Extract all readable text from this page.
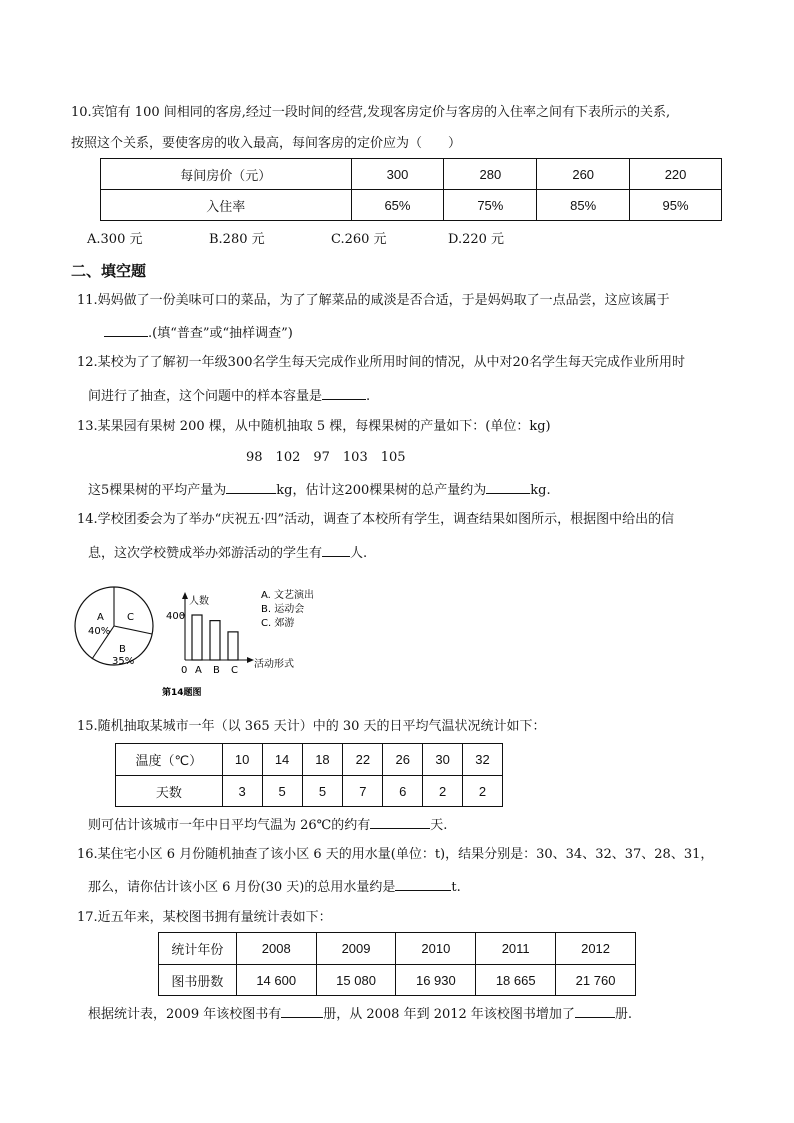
10.宾馆有 100 间相同的客房,经过一段时间的经营,发现客房定价与客房的入住率之间有下表所示的关系,
按照这个关系，要使客房的收入最高，每间客房的定价应为（　　）
每间房价（元）	300	280	260	220
入住率	65%	75%	85%	95%
A.300 元	B.280 元	C.260 元	D.220 元
二、填空题
11.妈妈做了一份美味可口的菜品，为了了解菜品的咸淡是否合适，于是妈妈取了一点品尝，这应该属于
.(填“普查”或“抽样调查”)
12.某校为了了解初一年级300名学生每天完成作业所用时间的情况，从中对20名学生每天完成作业所用时
间进行了抽查，这个问题中的样本容量是	.
13.某果园有果树 200 棵，从中随机抽取 5 棵，每棵果树的产量如下：(单位：kg)
98　102　97　103　105
这5棵果树的平均产量为	kg，估计这200棵果树的总产量约为	kg.
14.学校团委会为了举办“庆祝五·四”活动，调查了本校所有学生，调查结果如图所示，根据图中给出的信
息，这次学校赞成举办郊游活动的学生有 人.
A
40%
C
B
35%
人数
400
0 A B C
活动形式
A. 文艺演出
B. 运动会
C. 郊游
第14题图
15.随机抽取某城市一年（以 365 天计）中的 30 天的日平均气温状况统计如下：
温度（℃）	10	14	18	22	26	30	32
天数	3	5	5	7	6	2	2
则可估计该城市一年中日平均气温为 26℃的约有	天.
16.某住宅小区 6 月份随机抽查了该小区 6 天的用水量(单位：t)，结果分别是：30、34、32、37、28、31，
那么，请你估计该小区 6 月份(30 天)的总用水量约是	t.
17.近五年来，某校图书拥有量统计表如下：
统计年份	2008	2009	2010	2011	2012
图书册数	14 600	15 080	16 930	18 665	21 760
根据统计表，2009 年该校图书有	册，从 2008 年到 2012 年该校图书增加了	册.
